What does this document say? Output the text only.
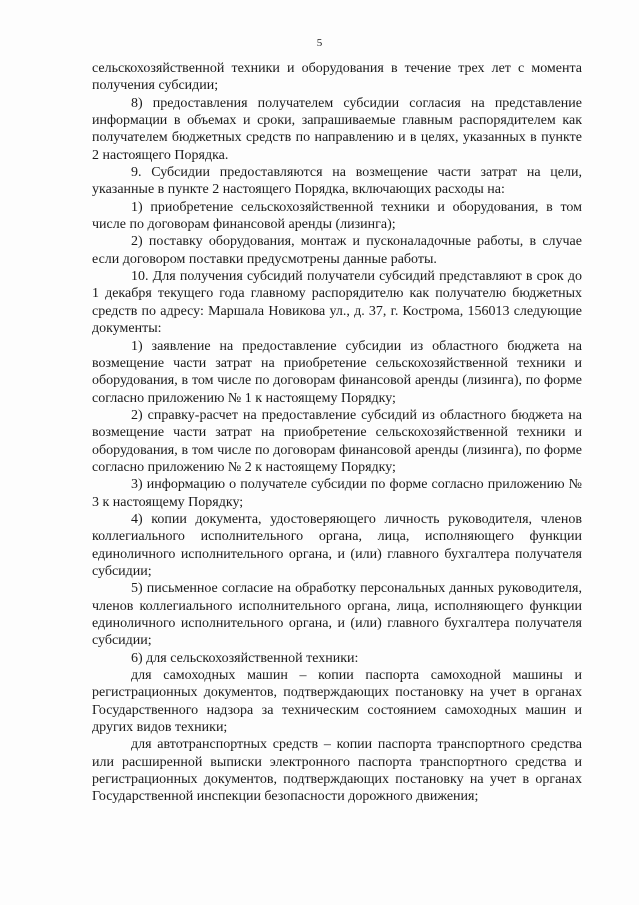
5

сельскохозяйственной техники и оборудования в течение трех лет с момента получения субсидии;

8) предоставления получателем субсидии согласия на представление информации в объемах и сроки, запрашиваемые главным распорядителем как получателем бюджетных средств по направлению и в целях, указанных в пункте 2 настоящего Порядка.

9. Субсидии предоставляются на возмещение части затрат на цели, указанные в пункте 2 настоящего Порядка, включающих расходы на:

1) приобретение сельскохозяйственной техники и оборудования, в том числе по договорам финансовой аренды (лизинга);

2) поставку оборудования, монтаж и пусконаладочные работы, в случае если договором поставки предусмотрены данные работы.

10. Для получения субсидий получатели субсидий представляют в срок до 1 декабря текущего года главному распорядителю как получателю бюджетных средств по адресу: Маршала Новикова ул., д. 37, г. Кострома, 156013 следующие документы:

1) заявление на предоставление субсидии из областного бюджета на возмещение части затрат на приобретение сельскохозяйственной техники и оборудования, в том числе по договорам финансовой аренды (лизинга), по форме согласно приложению № 1 к настоящему Порядку;

2) справку-расчет на предоставление субсидий из областного бюджета на возмещение части затрат на приобретение сельскохозяйственной техники и оборудования, в том числе по договорам финансовой аренды (лизинга), по форме согласно приложению № 2 к настоящему Порядку;

3) информацию о получателе субсидии по форме согласно приложению № 3 к настоящему Порядку;

4) копии документа, удостоверяющего личность руководителя, членов коллегиального исполнительного органа, лица, исполняющего функции единоличного исполнительного органа, и (или) главного бухгалтера получателя субсидии;

5) письменное согласие на обработку персональных данных руководителя, членов коллегиального исполнительного органа, лица, исполняющего функции единоличного исполнительного органа, и (или) главного бухгалтера получателя субсидии;

6) для сельскохозяйственной техники:

для самоходных машин – копии паспорта самоходной машины и регистрационных документов, подтверждающих постановку на учет в органах Государственного надзора за техническим состоянием самоходных машин и других видов техники;

для автотранспортных средств – копии паспорта транспортного средства или расширенной выписки электронного паспорта транспортного средства и регистрационных документов, подтверждающих постановку на учет в органах Государственной инспекции безопасности дорожного движения;
